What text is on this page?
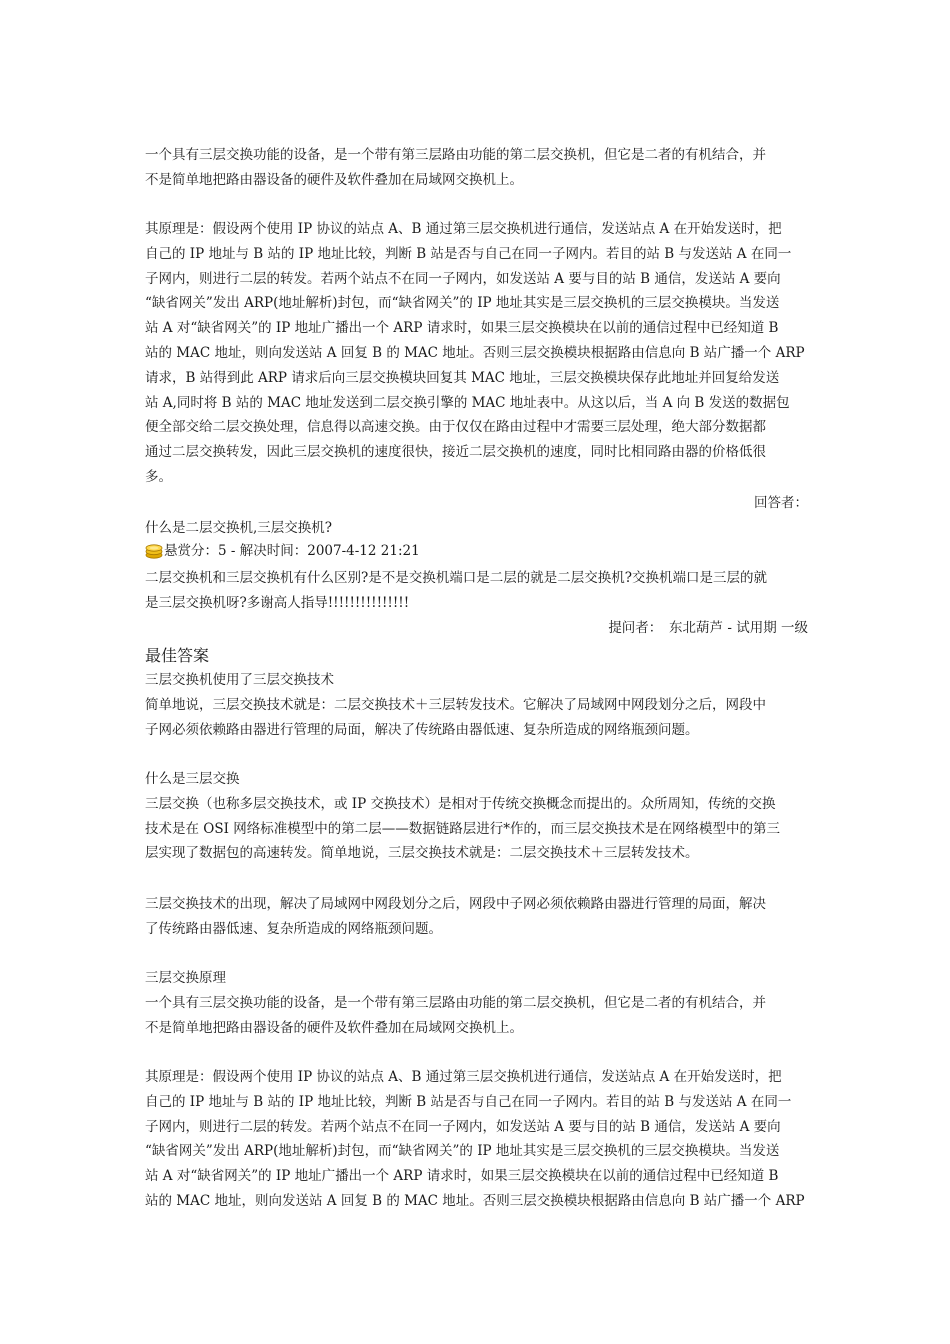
一个具有三层交换功能的设备，是一个带有第三层路由功能的第二层交换机，但它是二者的有机结合，并

不是简单地把路由器设备的硬件及软件叠加在局域网交换机上。

其原理是：假设两个使用 IP 协议的站点 A、B 通过第三层交换机进行通信，发送站点 A 在开始发送时，把

自己的 IP 地址与 B 站的 IP 地址比较，判断 B 站是否与自己在同一子网内。若目的站 B 与发送站 A 在同一

子网内，则进行二层的转发。若两个站点不在同一子网内，如发送站 A 要与目的站 B 通信，发送站 A 要向

“缺省网关”发出 ARP(地址解析)封包，而“缺省网关”的 IP 地址其实是三层交换机的三层交换模块。当发送

站 A 对“缺省网关”的 IP 地址广播出一个 ARP 请求时，如果三层交换模块在以前的通信过程中已经知道 B

站的 MAC 地址，则向发送站 A 回复 B 的 MAC 地址。否则三层交换模块根据路由信息向 B 站广播一个 ARP

请求，B 站得到此 ARP 请求后向三层交换模块回复其 MAC 地址，三层交换模块保存此地址并回复给发送

站 A,同时将 B 站的 MAC 地址发送到二层交换引擎的 MAC 地址表中。从这以后，当 A 向 B 发送的数据包

便全部交给二层交换处理，信息得以高速交换。由于仅仅在路由过程中才需要三层处理，绝大部分数据都

通过二层交换转发，因此三层交换机的速度很快，接近二层交换机的速度，同时比相同路由器的价格低很

多。

回答者：

什么是二层交换机,三层交换机?

悬赏分：5 - 解决时间：2007-4-12 21:21

二层交换机和三层交换机有什么区别?是不是交换机端口是二层的就是二层交换机?交换机端口是三层的就

是三层交换机呀?多谢高人指导!!!!!!!!!!!!!!!

提问者：　东北葫芦 - 试用期 一级
最佳答案

三层交换机使用了三层交换技术

简单地说，三层交换技术就是：二层交换技术＋三层转发技术。它解决了局域网中网段划分之后，网段中

子网必须依赖路由器进行管理的局面，解决了传统路由器低速、复杂所造成的网络瓶颈问题。

什么是三层交换

三层交换（也称多层交换技术，或 IP 交换技术）是相对于传统交换概念而提出的。众所周知，传统的交换

技术是在 OSI 网络标准模型中的第二层——数据链路层进行*作的，而三层交换技术是在网络模型中的第三

层实现了数据包的高速转发。简单地说，三层交换技术就是：二层交换技术＋三层转发技术。

三层交换技术的出现，解决了局域网中网段划分之后，网段中子网必须依赖路由器进行管理的局面，解决

了传统路由器低速、复杂所造成的网络瓶颈问题。

三层交换原理

一个具有三层交换功能的设备，是一个带有第三层路由功能的第二层交换机，但它是二者的有机结合，并

不是简单地把路由器设备的硬件及软件叠加在局域网交换机上。

其原理是：假设两个使用 IP 协议的站点 A、B 通过第三层交换机进行通信，发送站点 A 在开始发送时，把

自己的 IP 地址与 B 站的 IP 地址比较，判断 B 站是否与自己在同一子网内。若目的站 B 与发送站 A 在同一

子网内，则进行二层的转发。若两个站点不在同一子网内，如发送站 A 要与目的站 B 通信，发送站 A 要向

“缺省网关”发出 ARP(地址解析)封包，而“缺省网关”的 IP 地址其实是三层交换机的三层交换模块。当发送

站 A 对“缺省网关”的 IP 地址广播出一个 ARP 请求时，如果三层交换模块在以前的通信过程中已经知道 B

站的 MAC 地址，则向发送站 A 回复 B 的 MAC 地址。否则三层交换模块根据路由信息向 B 站广播一个 ARP
